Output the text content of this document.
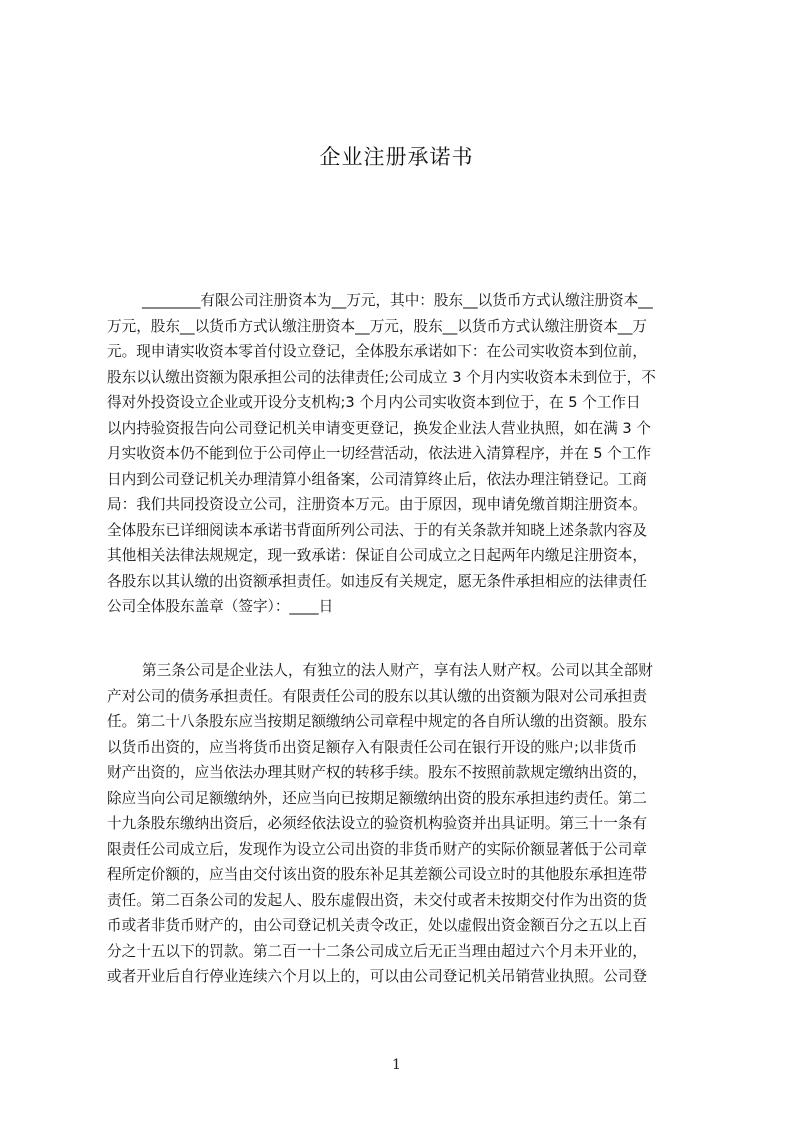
企业注册承诺书
________有限公司注册资本为__万元，其中：股东__以货币方式认缴注册资本__
万元，股东__以货币方式认缴注册资本__万元，股东__以货币方式认缴注册资本__万
元。现申请实收资本零首付设立登记，全体股东承诺如下：在公司实收资本到位前，
股东以认缴出资额为限承担公司的法律责任;公司成立 3 个月内实收资本未到位于，不
得对外投资设立企业或开设分支机构;3 个月内公司实收资本到位于，在 5 个工作日
以内持验资报告向公司登记机关申请变更登记，换发企业法人营业执照，如在满 3 个
月实收资本仍不能到位于公司停止一切经营活动，依法进入清算程序，并在 5 个工作
日内到公司登记机关办理清算小组备案，公司清算终止后，依法办理注销登记。工商
局：我们共同投资设立公司，注册资本万元。由于原因，现申请免缴首期注册资本。
全体股东已详细阅读本承诺书背面所列公司法、于的有关条款并知晓上述条款内容及
其他相关法律法规规定，现一致承诺：保证自公司成立之日起两年内缴足注册资本，
各股东以其认缴的出资额承担责任。如违反有关规定，愿无条件承担相应的法律责任
公司全体股东盖章（签字）：____日
第三条公司是企业法人，有独立的法人财产，享有法人财产权。公司以其全部财
产对公司的债务承担责任。有限责任公司的股东以其认缴的出资额为限对公司承担责
任。第二十八条股东应当按期足额缴纳公司章程中规定的各自所认缴的出资额。股东
以货币出资的，应当将货币出资足额存入有限责任公司在银行开设的账户;以非货币
财产出资的，应当依法办理其财产权的转移手续。股东不按照前款规定缴纳出资的，
除应当向公司足额缴纳外，还应当向已按期足额缴纳出资的股东承担违约责任。第二
十九条股东缴纳出资后，必须经依法设立的验资机构验资并出具证明。第三十一条有
限责任公司成立后，发现作为设立公司出资的非货币财产的实际价额显著低于公司章
程所定价额的，应当由交付该出资的股东补足其差额公司设立时的其他股东承担连带
责任。第二百条公司的发起人、股东虚假出资，未交付或者未按期交付作为出资的货
币或者非货币财产的，由公司登记机关责令改正，处以虚假出资金额百分之五以上百
分之十五以下的罚款。第二百一十二条公司成立后无正当理由超过六个月未开业的，
或者开业后自行停业连续六个月以上的，可以由公司登记机关吊销营业执照。公司登
1
